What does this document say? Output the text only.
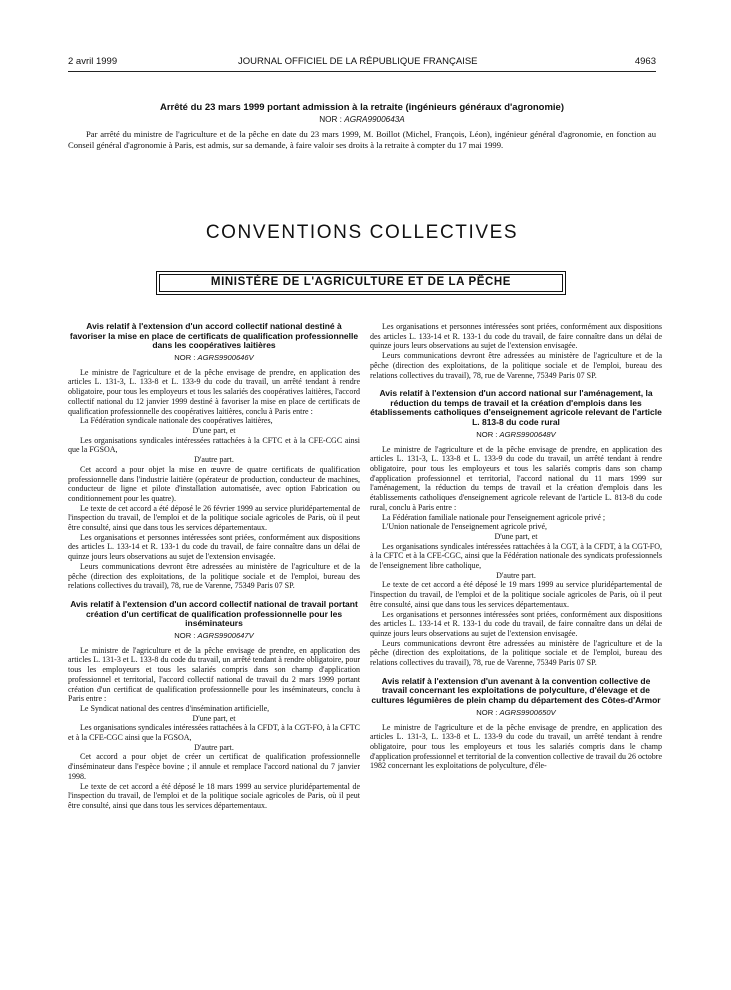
2 avril 1999	JOURNAL OFFICIEL DE LA RÉPUBLIQUE FRANÇAISE	4963
Arrêté du 23 mars 1999 portant admission à la retraite (ingénieurs généraux d'agronomie)
NOR : AGRA9900643A

Par arrêté du ministre de l'agriculture et de la pêche en date du 23 mars 1999, M. Boillot (Michel, François, Léon), ingénieur général d'agronomie, en fonction au Conseil général d'agronomie à Paris, est admis, sur sa demande, à faire valoir ses droits à la retraite à compter du 17 mai 1999.

CONVENTIONS COLLECTIVES
MINISTÈRE DE L'AGRICULTURE ET DE LA PÊCHE
Avis relatif à l'extension d'un accord collectif national destiné à favoriser la mise en place de certificats de qualification professionnelle dans les coopératives laitières
NOR : AGRS9900646V

Le ministre de l'agriculture et de la pêche envisage de prendre, en application des articles L. 131-3, L. 133-8 et L. 133-9 du code du travail, un arrêté tendant à rendre obligatoire, pour tous les employeurs et tous les salariés des coopératives laitières, l'accord collectif national du 12 janvier 1999 destiné à favoriser la mise en place de certificats de qualification professionnelle des coopératives laitières, conclu à Paris entre :

La Fédération syndicale nationale des coopératives laitières,

D'une part, et

Les organisations syndicales intéressées rattachées à la CFTC et à la CFE-CGC ainsi que la FGSOA,

D'autre part.

Cet accord a pour objet la mise en œuvre de quatre certificats de qualification professionnelle dans l'industrie laitière (opérateur de production, conducteur de machines, conducteur de ligne et pilote d'installation automatisée, avec option Fabrication ou conditionnement pour les quatre).

Le texte de cet accord a été déposé le 26 février 1999 au service pluridépartemental de l'inspection du travail, de l'emploi et de la politique sociale agricoles de Paris, où il peut être consulté, ainsi que dans tous les services départementaux.

Les organisations et personnes intéressées sont priées, conformément aux dispositions des articles L. 133-14 et R. 133-1 du code du travail, de faire connaître dans un délai de quinze jours leurs observations au sujet de l'extension envisagée.

Leurs communications devront être adressées au ministère de l'agriculture et de la pêche (direction des exploitations, de la politique sociale et de l'emploi, bureau des relations collectives du travail), 78, rue de Varenne, 75349 Paris 07 SP.

Avis relatif à l'extension d'un accord collectif national de travail portant création d'un certificat de qualification professionnelle pour les inséminateurs
NOR : AGRS9900647V

Le ministre de l'agriculture et de la pêche envisage de prendre, en application des articles L. 131-3 et L. 133-8 du code du travail, un arrêté tendant à rendre obligatoire, pour tous les employeurs et tous les salariés compris dans son champ d'application professionnel et territorial, l'accord collectif national de travail du 2 mars 1999 portant création d'un certificat de qualification professionnelle pour les inséminateurs, conclu à Paris entre :

Le Syndicat national des centres d'insémination artificielle,

D'une part, et

Les organisations syndicales intéressées rattachées à la CFDT, à la CGT-FO, à la CFTC et à la CFE-CGC ainsi que la FGSOA,

D'autre part.

Cet accord a pour objet de créer un certificat de qualification professionnelle d'inséminateur dans l'espèce bovine ; il annule et remplace l'accord national du 7 janvier 1998.

Le texte de cet accord a été déposé le 18 mars 1999 au service pluridépartemental de l'inspection du travail, de l'emploi et de la politique sociale agricoles de Paris, où il peut être consulté, ainsi que dans tous les services départementaux.

Les organisations et personnes intéressées sont priées, conformément aux dispositions des articles L. 133-14 et R. 133-1 du code du travail, de faire connaître dans un délai de quinze jours leurs observations au sujet de l'extension envisagée.

Leurs communications devront être adressées au ministère de l'agriculture et de la pêche (direction des exploitations, de la politique sociale et de l'emploi, bureau des relations collectives du travail), 78, rue de Varenne, 75349 Paris 07 SP.

Avis relatif à l'extension d'un accord national sur l'aménagement, la réduction du temps de travail et la création d'emplois dans les établissements catholiques d'enseignement agricole relevant de l'article L. 813-8 du code rural
NOR : AGRS9900648V

Le ministre de l'agriculture et de la pêche envisage de prendre, en application des articles L. 131-3, L. 133-8 et L. 133-9 du code du travail, un arrêté tendant à rendre obligatoire, pour tous les employeurs et tous les salariés compris dans son champ d'application professionnel et territorial, l'accord national du 11 mars 1999 sur l'aménagement, la réduction du temps de travail et la création d'emplois dans les établissements catholiques d'enseignement agricole relevant de l'article L. 813-8 du code rural, conclu à Paris entre :

La Fédération familiale nationale pour l'enseignement agricole privé ;

L'Union nationale de l'enseignement agricole privé,

D'une part, et

Les organisations syndicales intéressées rattachées à la CGT, à la CFDT, à la CGT-FO, à la CFTC et à la CFE-CGC, ainsi que la Fédération nationale des syndicats professionnels de l'enseignement libre catholique,

D'autre part.

Le texte de cet accord a été déposé le 19 mars 1999 au service pluridépartemental de l'inspection du travail, de l'emploi et de la politique sociale agricoles de Paris, où il peut être consulté, ainsi que dans tous les services départementaux.

Les organisations et personnes intéressées sont priées, conformément aux dispositions des articles L. 133-14 et R. 133-1 du code du travail, de faire connaître dans un délai de quinze jours leurs observations au sujet de l'extension envisagée.

Leurs communications devront être adressées au ministère de l'agriculture et de la pêche (direction des exploitations, de la politique sociale et de l'emploi, bureau des relations collectives du travail), 78, rue de Varenne, 75349 Paris 07 SP.

Avis relatif à l'extension d'un avenant à la convention collective de travail concernant les exploitations de polyculture, d'élevage et de cultures légumières de plein champ du département des Côtes-d'Armor
NOR : AGRS9900650V

Le ministre de l'agriculture et de la pêche envisage de prendre, en application des articles L. 131-3, L. 133-8 et L. 133-9 du code du travail, un arrêté tendant à rendre obligatoire, pour tous les employeurs et tous les salariés compris dans le champ d'application professionnel et territorial de la convention collective de travail du 26 octobre 1982 concernant les exploitations de polyculture, d'éle-
